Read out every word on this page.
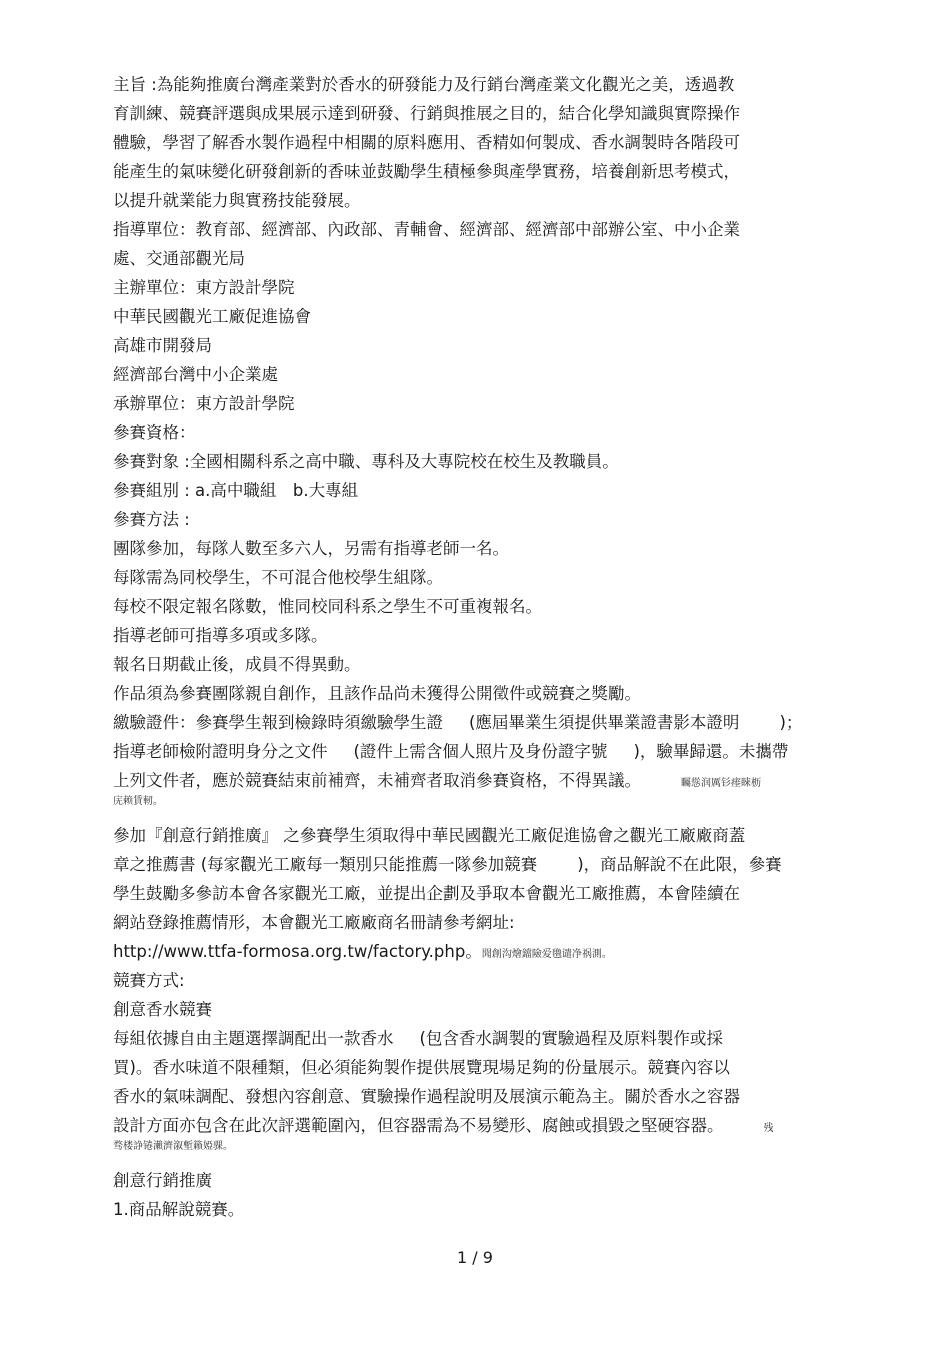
主旨 :為能夠推廣台灣產業對於香水的研發能力及行銷台灣產業文化觀光之美，透過教
育訓練、競賽評選與成果展示達到研發、行銷與推展之目的，結合化學知識與實際操作
體驗，學習了解香水製作過程中相關的原料應用、香精如何製成、香水調製時各階段可
能產生的氣味變化研發創新的香味並鼓勵學生積極參與產學實務，培養創新思考模式，
以提升就業能力與實務技能發展。
指導單位：教育部、經濟部、內政部、青輔會、經濟部、經濟部中部辦公室、中小企業
處、交通部觀光局
主辦單位：東方設計學院
中華民國觀光工廠促進協會
高雄市開發局
經濟部台灣中小企業處
承辦單位：東方設計學院
參賽資格：
參賽對象 :全國相關科系之高中職、專科及大專院校在校生及教職員。
參賽組別 : a.高中職組　b.大專組
參賽方法 :
團隊參加，每隊人數至多六人，另需有指導老師一名。
每隊需為同校學生，不可混合他校學生組隊。
每校不限定報名隊數，惟同校同科系之學生不可重複報名。
指導老師可指導多項或多隊。
報名日期截止後，成員不得異動。
作品須為參賽團隊親自創作，且該作品尚未獲得公開徵件或競賽之獎勵。
繳驗證件：參賽學生報到檢錄時須繳驗學生證 (應屆畢業生須提供畢業證書影本證明 )；
指導老師檢附證明身分之文件 (證件上需含個人照片及身份證字號 )，驗畢歸還。未攜帶
上列文件者，應於競賽結束前補齊，未補齊者取消參賽資格，不得異議。	矚慫润厲钐瘗睞枥
庑赖賃軔。
參加『創意行銷推廣』 之參賽學生須取得中華民國觀光工廠促進協會之觀光工廠廠商蓋
章之推薦書 (每家觀光工廠每一類別只能推薦一隊參加競賽 )，商品解說不在此限，參賽
學生鼓勵多參訪本會各家觀光工廠，並提出企劃及爭取本會觀光工廠推薦，本會陸續在
網站登錄推薦情形，本會觀光工廠廠商名冊請參考網址:
http://www.ttfa-formosa.org.tw/factory.php。聞創沟燴鐺險爱氇谴净祸測。
競賽方式:
創意香水競賽
每組依據自由主題選擇調配出一款香水 (包含香水調製的實驗過程及原料製作或採
買)。香水味道不限種類，但必須能夠製作提供展覽現場足夠的份量展示。競賽內容以
香水的氣味調配、發想內容創意、實驗操作過程說明及展演示範為主。關於香水之容器
設計方面亦包含在此次評選範圍內，但容器需為不易變形、腐蝕或損毀之堅硬容器。	残
骛楼諍锩瀨濟溆塹籟婭骒。
創意行銷推廣
1.商品解說競賽。
1 / 9
